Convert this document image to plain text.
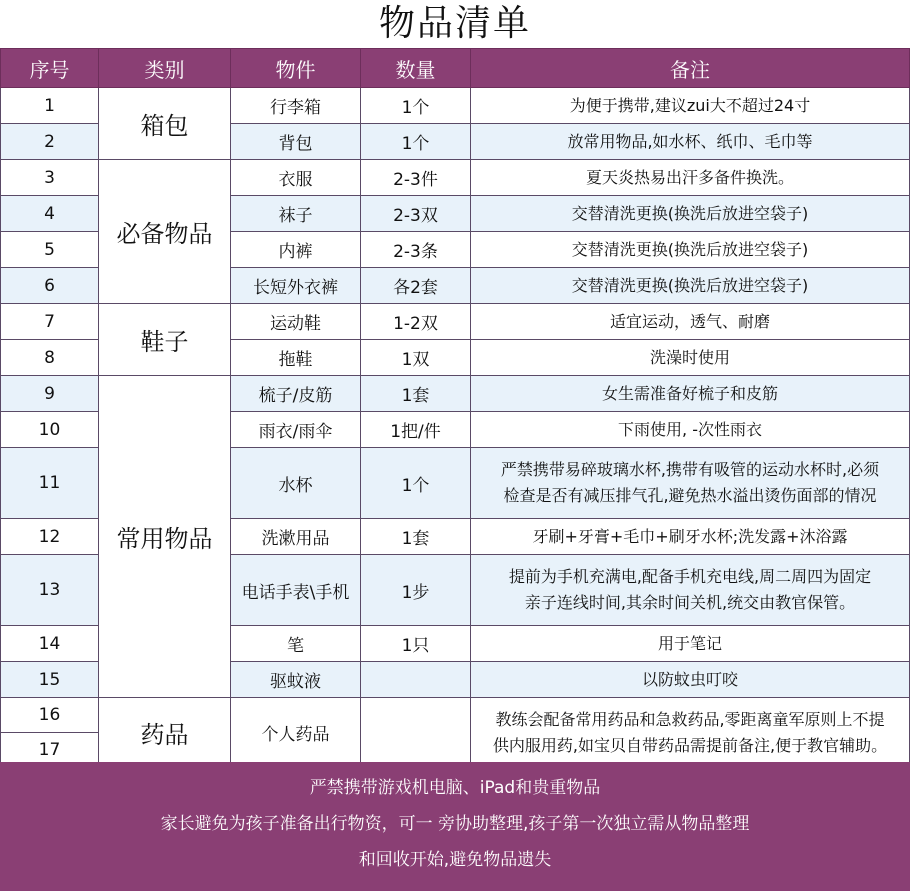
物品清单
序号	类别	物件	数量	备注
1	箱包	行李箱	1个	为便于携带,建议zui大不超过24寸
2		背包	1个	放常用物品,如水杯、纸巾、毛巾等
3	必备物品	衣服	2-3件	夏天炎热易出汗多备件换洗。
4		袜子	2-3双	交替清洗更换(换洗后放进空袋子)
5		内裤	2-3条	交替清洗更换(换洗后放进空袋子)
6		长短外衣裤	各2套	交替清洗更换(换洗后放进空袋子)
7	鞋子	运动鞋	1-2双	适宜运动，透气、耐磨
8		拖鞋	1双	洗澡时使用
9	常用物品	梳子/皮筋	1套	女生需准备好梳子和皮筋
10		雨衣/雨伞	1把/件	下雨使用, -次性雨衣
11		水杯	1个	严禁携带易碎玻璃水杯,携带有吸管的运动水杯时,必须
检查是否有减压排气孔,避免热水溢出烫伤面部的情况

12		洗漱用品	1套	牙刷+牙膏+毛巾+刷牙水杯;洗发露+沐浴露
13		电话手表\手机	1步	提前为手机充满电,配备手机充电线,周二周四为固定
亲子连线时间,其余时间关机,统交由教官保管。

14		笔	1只	用于笔记
15		驱蚊液		以防蚊虫叮咬
16	药品	个人药品		教练会配备常用药品和急救药品,零距离童军原则上不提
供内服用药,如宝贝自带药品需提前备注,便于教官辅助。

17				
严禁携带游戏机电脑、iPad和贵重物品
家长避免为孩子准备出行物资，可一 旁协助整理,孩子第一次独立需从物品整理
和回收开始,避免物品遗失
